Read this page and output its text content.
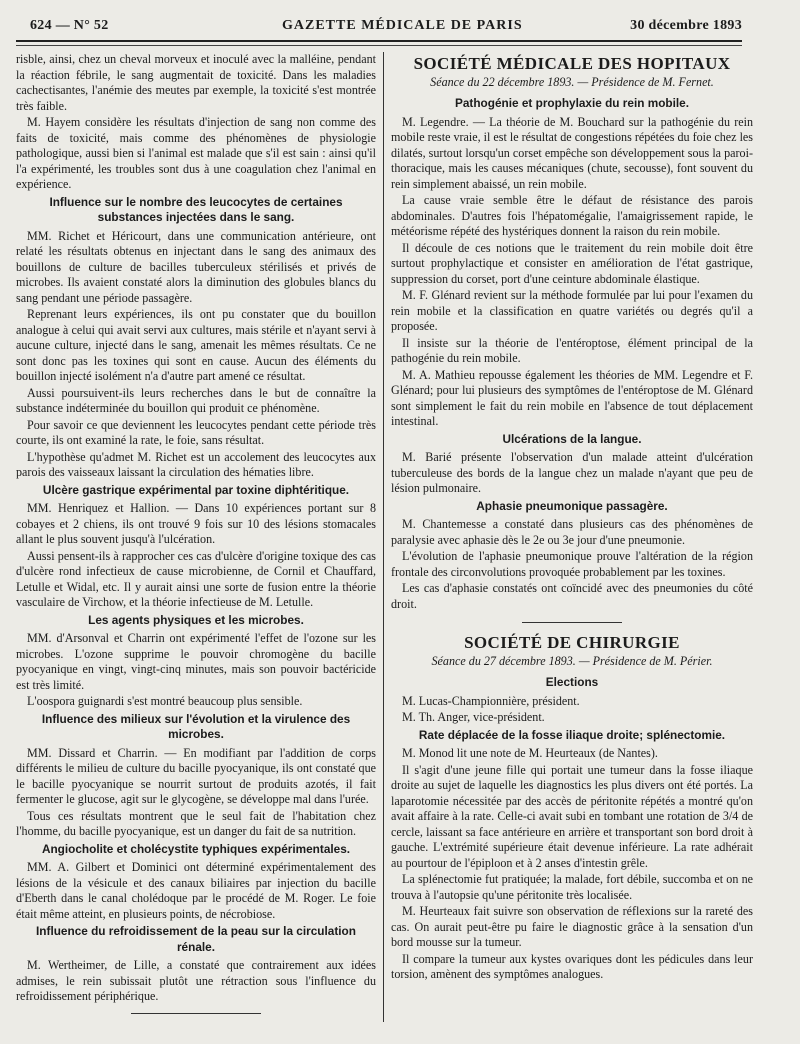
624 — N° 52	GAZETTE MÉDICALE DE PARIS	30 décembre 1893

risble, ainsi, chez un cheval morveux et inoculé avec la malléine, pendant la réaction fébrile, le sang augmentait de toxicité. Dans les maladies cachectisantes, l'anémie des meutes par exemple, la toxicité s'est montrée très faible.

M. Hayem considère les résultats d'injection de sang non comme des faits de toxicité, mais comme des phénomènes de physiologie pathologique, aussi bien si l'animal est malade que s'il est sain : ainsi qu'il l'a expérimenté, les troubles sont dus à une coagulation chez l'animal en expérience.

Influence sur le nombre des leucocytes de certaines substances injectées dans le sang.

MM. Richet et Héricourt, dans une communication antérieure, ont relaté les résultats obtenus en injectant dans le sang des animaux des bouillons de culture de bacilles tuberculeux stérilisés et privés de microbes. Ils avaient constaté alors la diminution des globules blancs du sang pendant une période passagère.

Reprenant leurs expériences, ils ont pu constater que du bouillon analogue à celui qui avait servi aux cultures, mais stérile et n'ayant servi à aucune culture, injecté dans le sang, amenait les mêmes résultats. Ce ne sont donc pas les toxines qui sont en cause. Aucun des éléments du bouillon injecté isolément n'a d'autre part amené ce résultat.

Aussi poursuivent-ils leurs recherches dans le but de connaître la substance indéterminée du bouillon qui produit ce phénomène.

Pour savoir ce que deviennent les leucocytes pendant cette période très courte, ils ont examiné la rate, le foie, sans résultat.

L'hypothèse qu'admet M. Richet est un accolement des leucocytes aux parois des vaisseaux laissant la circulation des hématies libre.

Ulcère gastrique expérimental par toxine diphtéritique.

MM. Henriquez et Hallion. — Dans 10 expériences portant sur 8 cobayes et 2 chiens, ils ont trouvé 9 fois sur 10 des lésions stomacales allant le plus souvent jusqu'à l'ulcération.

Aussi pensent-ils à rapprocher ces cas d'ulcère d'origine toxique des cas d'ulcère rond infectieux de cause microbienne, de Cornil et Chauffard, Letulle et Widal, etc. Il y aurait ainsi une sorte de fusion entre la théorie vasculaire de Virchow, et la théorie infectieuse de M. Letulle.

Les agents physiques et les microbes.

MM. d'Arsonval et Charrin ont expérimenté l'effet de l'ozone sur les microbes. L'ozone supprime le pouvoir chromogène du bacille pyocyanique en vingt, vingt-cinq minutes, mais son pouvoir bactéricide est très limité.

L'oospora guignardi s'est montré beaucoup plus sensible.

Influence des milieux sur l'évolution et la virulence des microbes.

MM. Dissard et Charrin. — En modifiant par l'addition de corps différents le milieu de culture du bacille pyocyanique, ils ont constaté que le bacille pyocyanique se nourrit surtout de produits azotés, il fait fermenter le glucose, agit sur le glycogène, se développe mal dans l'urée.

Tous ces résultats montrent que le seul fait de l'habitation chez l'homme, du bacille pyocyanique, est un danger du fait de sa nutrition.

Angiocholite et cholécystite typhiques expérimentales.

MM. A. Gilbert et Dominici ont déterminé expérimentalement des lésions de la vésicule et des canaux biliaires par injection du bacille d'Eberth dans le canal cholédoque par le procédé de M. Roger. Le foie était même atteint, en plusieurs points, de nécrobiose.

Influence du refroidissement de la peau sur la circulation rénale.

M. Wertheimer, de Lille, a constaté que contrairement aux idées admises, le rein subissait plutôt une rétraction sous l'influence du refroidissement périphérique.

SOCIÉTÉ MÉDICALE DES HOPITAUX
Séance du 22 décembre 1893. — Présidence de M. Fernet.
Pathogénie et prophylaxie du rein mobile.

M. Legendre. — La théorie de M. Bouchard sur la pathogénie du rein mobile reste vraie, il est le résultat de congestions répétées du foie chez les dilatés, surtout lorsqu'un corset empêche son développement sous la paroi-thoracique, mais les causes mécaniques (chute, secousse), font souvent du rein simplement abaissé, un rein mobile.

La cause vraie semble être le défaut de résistance des parois abdominales. D'autres fois l'hépatomégalie, l'amaigrissement rapide, le météorisme répété des hystériques donnent la raison du rein mobile.

Il découle de ces notions que le traitement du rein mobile doit être surtout prophylactique et consister en amélioration de l'état gastrique, suppression du corset, port d'une ceinture abdominale élastique.

M. F. Glénard revient sur la méthode formulée par lui pour l'examen du rein mobile et la classification en quatre variétés ou degrés qu'il a proposée.

Il insiste sur la théorie de l'entéroptose, élément principal de la pathogénie du rein mobile.

M. A. Mathieu repousse également les théories de MM. Legendre et F. Glénard; pour lui plusieurs des symptômes de l'entéroptose de M. Glénard sont simplement le fait du rein mobile en l'absence de tout déplacement intestinal.

Ulcérations de la langue.

M. Barié présente l'observation d'un malade atteint d'ulcération tuberculeuse des bords de la langue chez un malade n'ayant que peu de lésion pulmonaire.

Aphasie pneumonique passagère.

M. Chantemesse a constaté dans plusieurs cas des phénomènes de paralysie avec aphasie dès le 2e ou 3e jour d'une pneumonie.

L'évolution de l'aphasie pneumonique prouve l'altération de la région frontale des circonvolutions provoquée probablement par les toxines.

Les cas d'aphasie constatés ont coïncidé avec des pneumonies du côté droit.

SOCIÉTÉ DE CHIRURGIE
Séance du 27 décembre 1893. — Présidence de M. Périer.
Elections

M. Lucas-Championnière, président.

M. Th. Anger, vice-président.

Rate déplacée de la fosse iliaque droite; splénectomie.

M. Monod lit une note de M. Heurteaux (de Nantes).

Il s'agit d'une jeune fille qui portait une tumeur dans la fosse iliaque droite au sujet de laquelle les diagnostics les plus divers ont été portés. La laparotomie nécessitée par des accès de péritonite répétés a montré qu'on avait affaire à la rate. Celle-ci avait subi en tombant une rotation de 3/4 de cercle, laissant sa face antérieure en arrière et transportant son bord droit à gauche. L'extrémité supérieure était devenue inférieure. La rate adhérait au pourtour de l'épiploon et à 2 anses d'intestin grêle.

La splénectomie fut pratiquée; la malade, fort débile, succomba et on ne trouva à l'autopsie qu'une péritonite très localisée.

M. Heurteaux fait suivre son observation de réflexions sur la rareté des cas. On aurait peut-être pu faire le diagnostic grâce à la sensation d'un bord mousse sur la tumeur.

Il compare la tumeur aux kystes ovariques dont les pédicules dans leur torsion, amènent des symptômes analogues.
